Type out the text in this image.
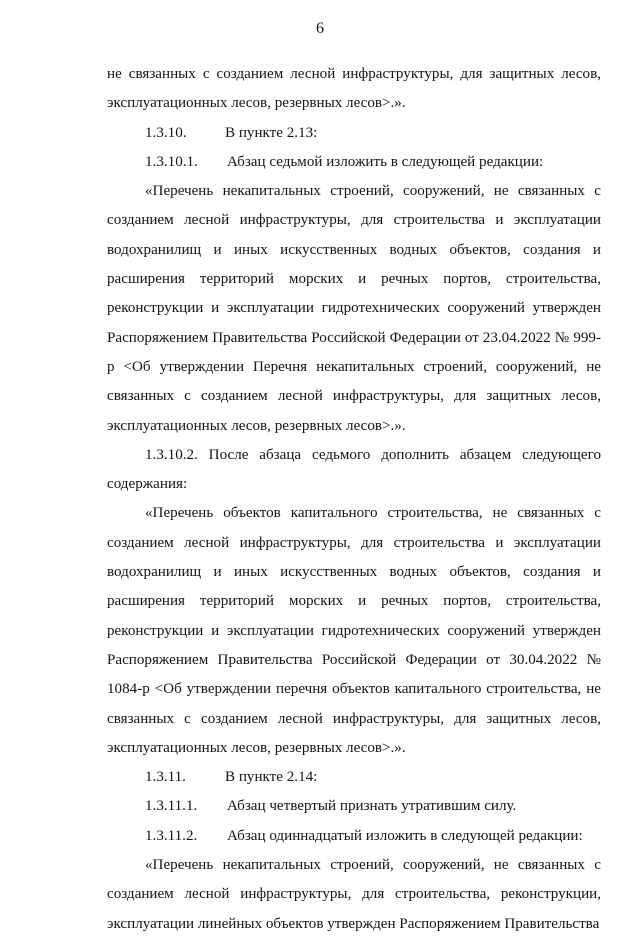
6

не связанных с созданием лесной инфраструктуры, для защитных лесов, эксплуатационных лесов, резервных лесов>.».

1.3.10.	В пункте 2.13:
1.3.10.1. Абзац седьмой изложить в следующей редакции:

«Перечень некапитальных строений, сооружений, не связанных с созданием лесной инфраструктуры, для строительства и эксплуатации водохранилищ и иных искусственных водных объектов, создания и расширения территорий морских и речных портов, строительства, реконструкции и эксплуатации гидротехнических сооружений утвержден Распоряжением Правительства Российской Федерации от 23.04.2022 № 999-р <Об утверждении Перечня некапитальных строений, сооружений, не связанных с созданием лесной инфраструктуры, для защитных лесов, эксплуатационных лесов, резервных лесов>.».

1.3.10.2. После абзаца седьмого дополнить абзацем следующего содержания:

«Перечень объектов капитального строительства, не связанных с созданием лесной инфраструктуры, для строительства и эксплуатации водохранилищ и иных искусственных водных объектов, создания и расширения территорий морских и речных портов, строительства, реконструкции и эксплуатации гидротехнических сооружений утвержден Распоряжением Правительства Российской Федерации от 30.04.2022 № 1084-р <Об утверждении перечня объектов капитального строительства, не связанных с созданием лесной инфраструктуры, для защитных лесов, эксплуатационных лесов, резервных лесов>.».

1.3.11.	В пункте 2.14:
1.3.11.1. Абзац четвертый признать утратившим силу.
1.3.11.2. Абзац одиннадцатый изложить в следующей редакции:

«Перечень некапитальных строений, сооружений, не связанных с созданием лесной инфраструктуры, для строительства, реконструкции, эксплуатации линейных объектов утвержден Распоряжением Правительства
